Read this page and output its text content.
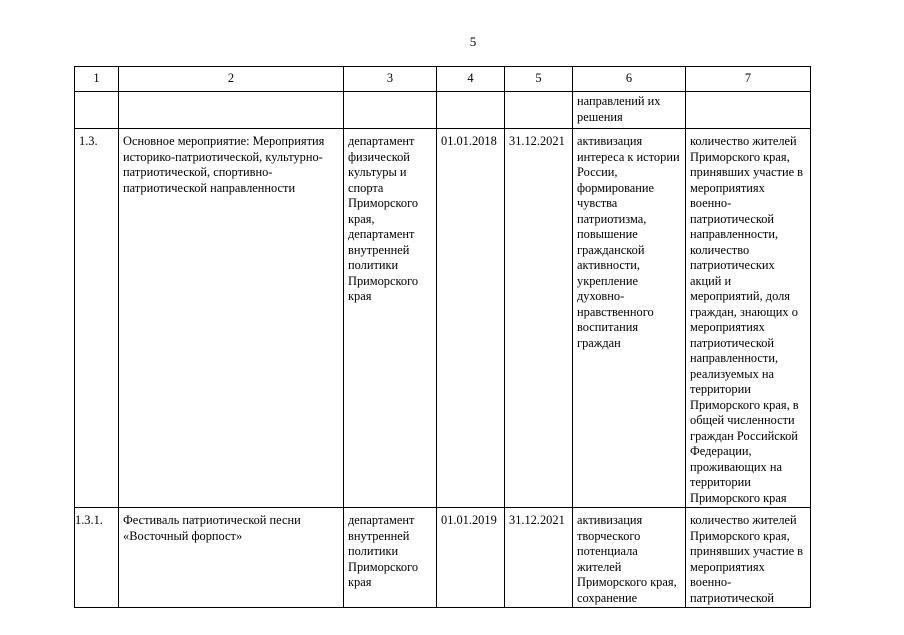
5
1	2	3	4	5	6	7
					направлений их решения	
1.3.	Основное мероприятие: Мероприятия историко-патриотической, культурно-патриотической, спортивно-патриотической направленности	департамент физической культуры и спорта Приморского края, департамент внутренней политики Приморского края	01.01.2018	31.12.2021	активизация интереса к истории России, формирование чувства патриотизма, повышение гражданской активности, укрепление духовно-нравственного воспитания граждан	количество жителей Приморского края, принявших участие в мероприятиях военно-патриотической направленности, количество патриотических акций и мероприятий, доля граждан, знающих о мероприятиях патриотической направленности, реализуемых на территории Приморского края, в общей численности граждан Российской Федерации, проживающих на территории Приморского края
1.3.1.	Фестиваль патриотической песни «Восточный форпост»	департамент внутренней политики Приморского края	01.01.2019	31.12.2021	активизация творческого потенциала жителей Приморского края, сохранение	количество жителей Приморского края, принявших участие в мероприятиях военно-патриотической
